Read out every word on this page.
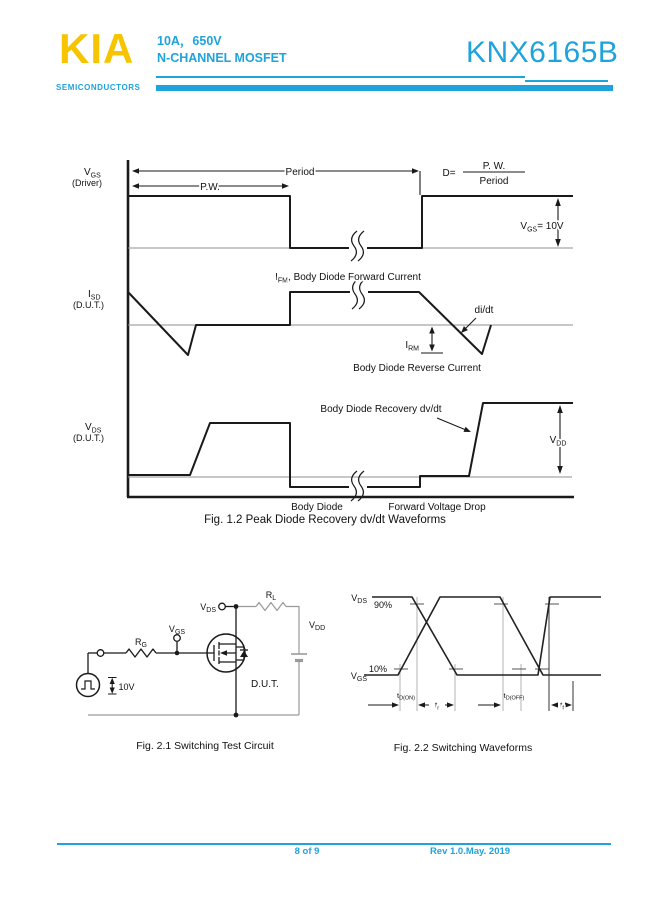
KIA
SEMICONDUCTORS
10A，650V
N-CHANNEL MOSFET	KNX6165B
Period
P.W.
D=
P. W.
Period
$V_{GS}= 10V$
$I_{FM}$, Body Diode Forward Current
di/dt
$I_{RM}$
Body Diode Reverse Current
Body Diode Recovery dv/dt
$V_{DD}$
Body Diode	Forward Voltage Drop
$V_{GS}$
(Driver)
$I_{SD}$
(D.U.T.)
$V_{DS}$
(D.U.T.)
Fig. 1.2 Peak Diode Recovery dv/dt Waveforms
10V
$R_G$
$V_{GS}$
$V_{DS}$
$R_L$
$V_{DD}$
D.U.T.
Fig. 2.1 Switching Test Circuit
$V_{DS}$
$V_{GS}$
90%
10%
$t_{D(ON)}$	$t_{D(OFF)}$
$t_r$	$t_f$
Fig. 2.2 Switching Waveforms
8 of 9	Rev 1.0.May. 2019
